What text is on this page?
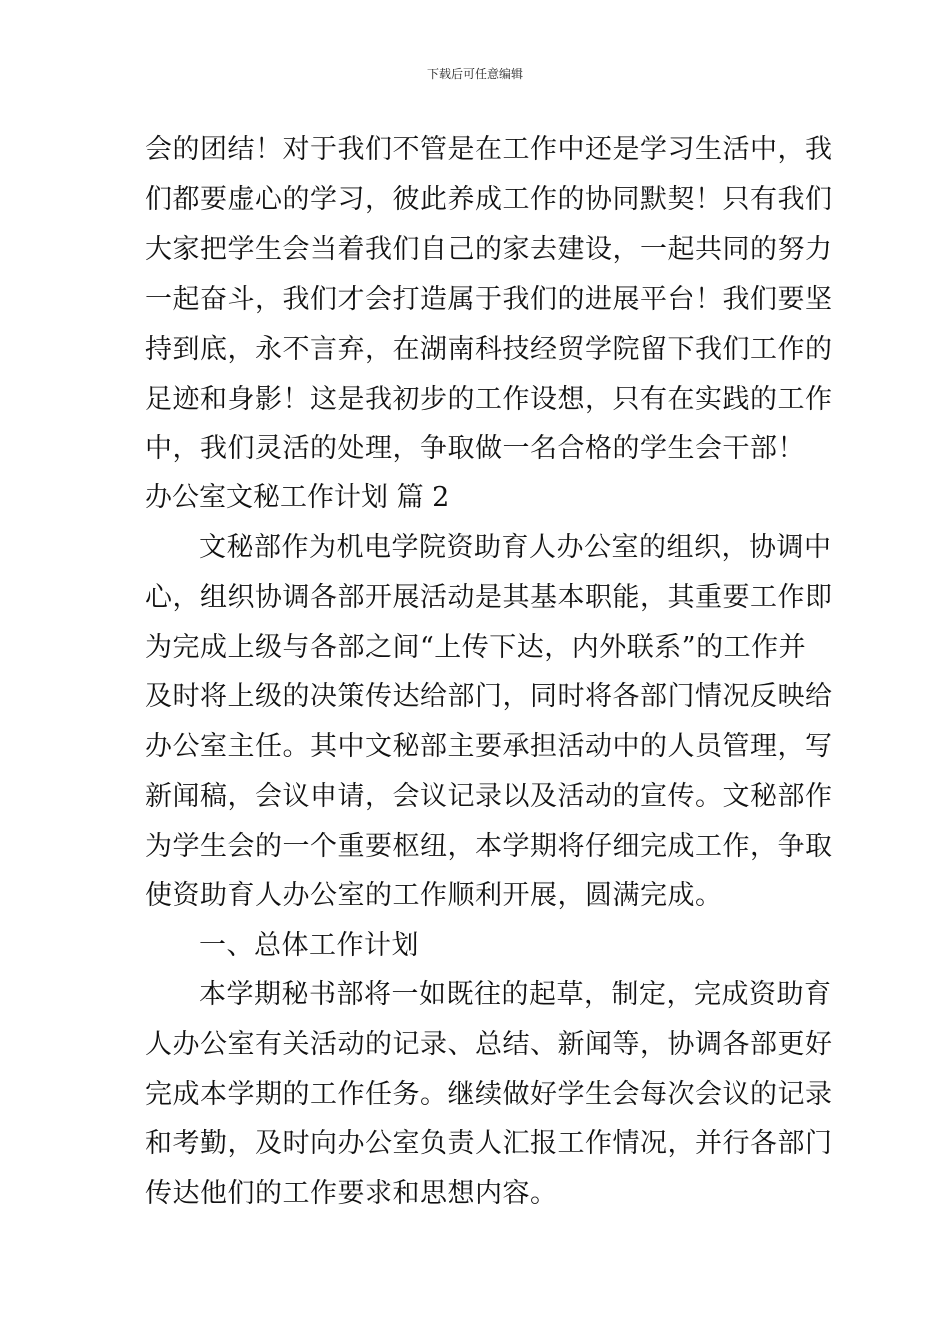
下载后可任意编辑
会的团结！对于我们不管是在工作中还是学习生活中，我
们都要虚心的学习，彼此养成工作的协同默契！只有我们
大家把学生会当着我们自己的家去建设，一起共同的努力
一起奋斗，我们才会打造属于我们的进展平台！我们要坚
持到底，永不言弃，在湖南科技经贸学院留下我们工作的
足迹和身影！这是我初步的工作设想，只有在实践的工作
中，我们灵活的处理，争取做一名合格的学生会干部！
办公室文秘工作计划 篇 2
文秘部作为机电学院资助育人办公室的组织，协调中
心，组织协调各部开展活动是其基本职能，其重要工作即
为完成上级与各部之间“上传下达，内外联系”的工作并
及时将上级的决策传达给部门，同时将各部门情况反映给
办公室主任。其中文秘部主要承担活动中的人员管理，写
新闻稿，会议申请，会议记录以及活动的宣传。文秘部作
为学生会的一个重要枢纽，本学期将仔细完成工作，争取
使资助育人办公室的工作顺利开展，圆满完成。
一、总体工作计划
本学期秘书部将一如既往的起草，制定，完成资助育
人办公室有关活动的记录、总结、新闻等，协调各部更好
完成本学期的工作任务。继续做好学生会每次会议的记录
和考勤，及时向办公室负责人汇报工作情况，并行各部门
传达他们的工作要求和思想内容。
